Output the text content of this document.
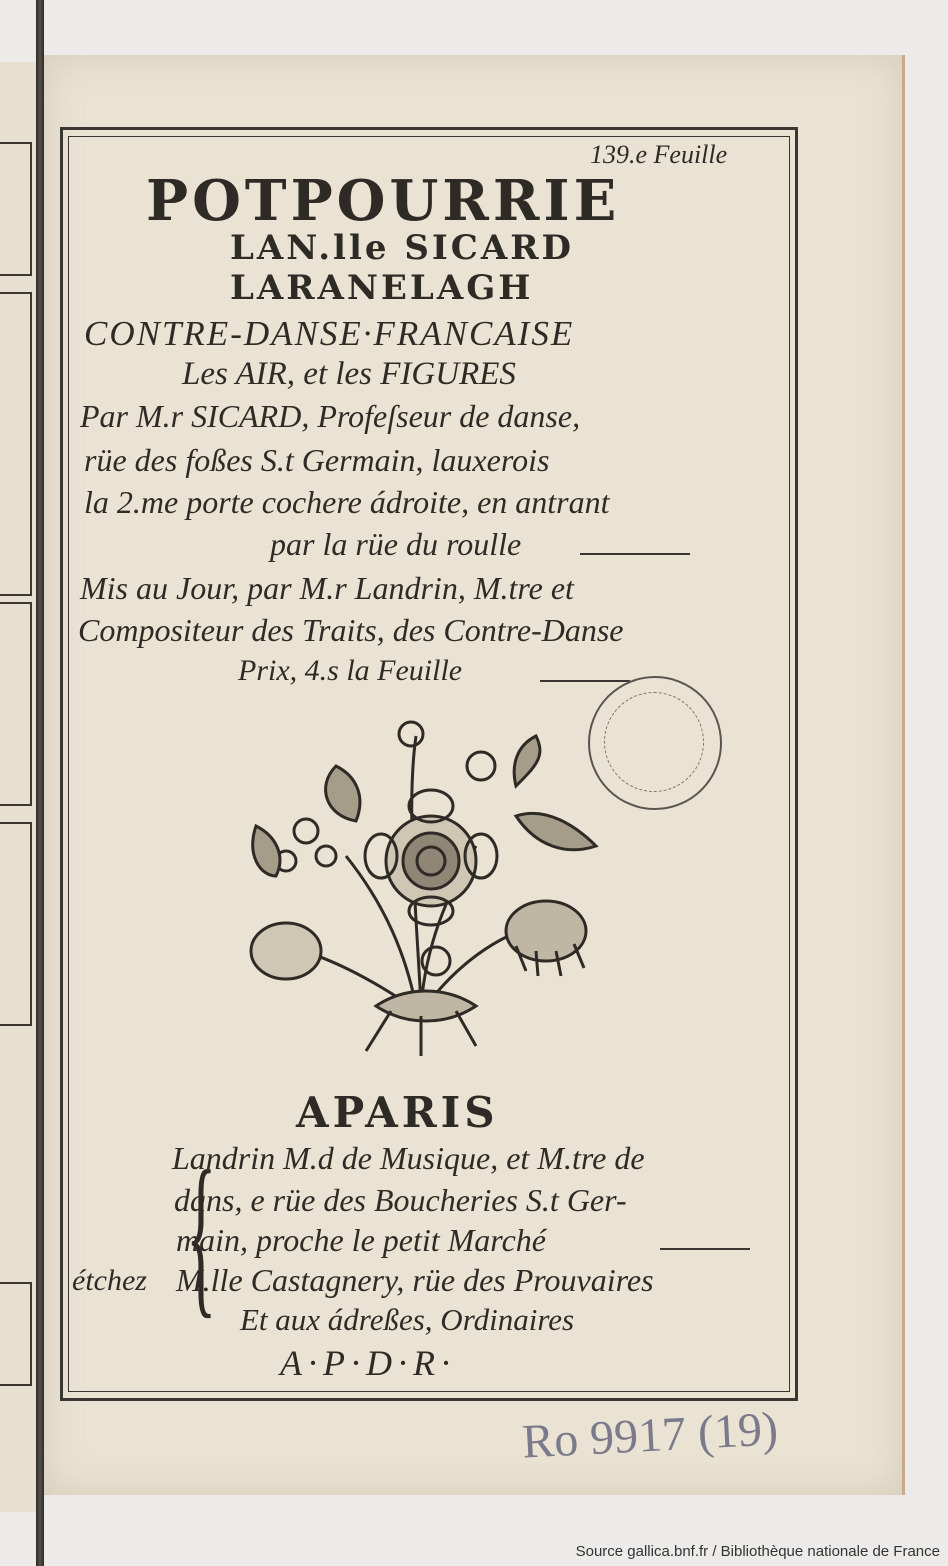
139.e Feuille
POTPOURRIE
LAN.lle SICARD
LARANELAGH
CONTRE-DANSE·FRANCAISE
Les AIR, et les FIGURES
Par M.r SICARD, Profeſseur de danse,
rüe des foßes S.t Germain, lauxerois
la 2.me porte cochere ádroite, en antrant
par la rüe du roulle
Mis au Jour, par M.r Landrin, M.tre et
Compositeur des Traits, des Contre-Danse
Prix, 4.s la Feuille
APARIS
{
Landrin M.d de Musique, et M.tre de
dans, e rüe des Boucheries S.t Ger-
main, proche le petit Marché
étchez M.lle Castagnery, rüe des Prouvaires
Et aux ádreßes, Ordinaires
A·P·D·R·
Ro 9917 (19)
Source gallica.bnf.fr / Bibliothèque nationale de France
